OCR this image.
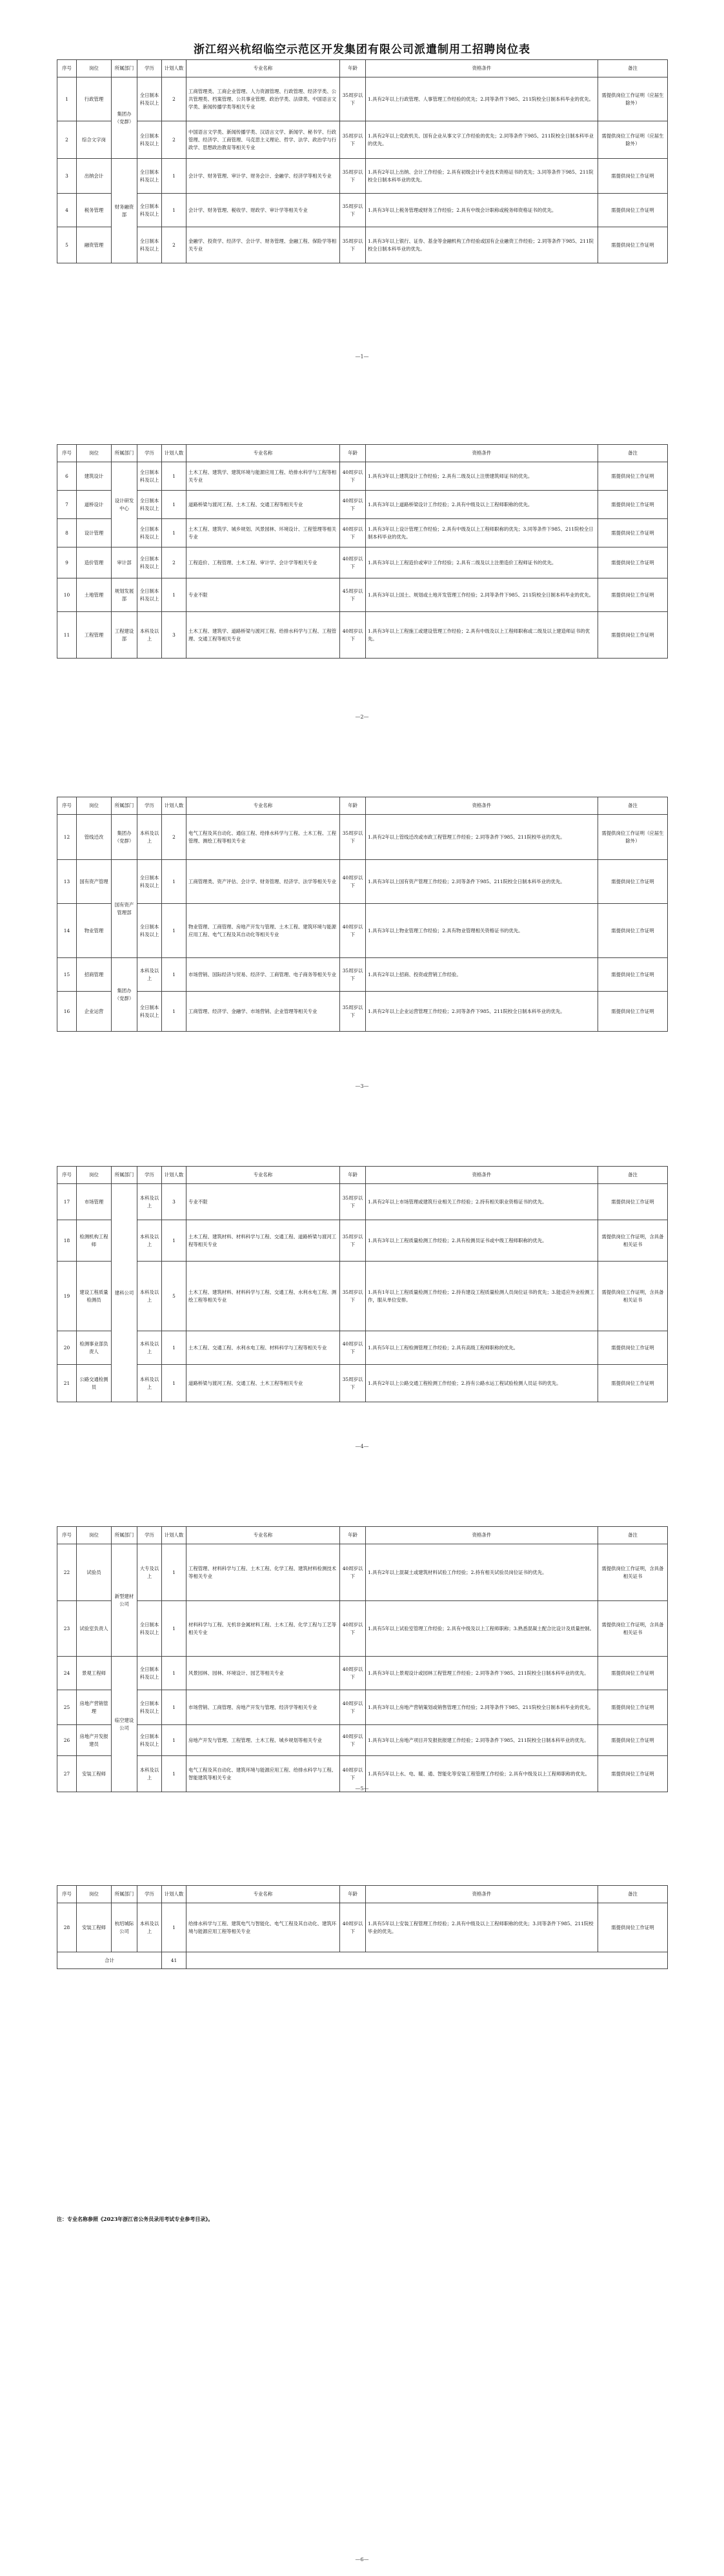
浙江绍兴杭绍临空示范区开发集团有限公司派遣制用工招聘岗位表
序号	岗位	所属部门	学历	计划人数	专业名称	年龄	资格条件	备注
1	行政管理	集团办（党群）	全日制本科及以上	2	工商管理类、工商企业管理、人力资源管理、行政管理、经济学类、公共管理类、档案管理、公共事业管理、政治学类、法律类、中国语言文学类、新闻传播学类等相关专业	35周岁以下	1.具有2年以上行政管理、人事管理工作经验的优先；2.同等条件下985、211院校全日制本科毕业的优先。	需提供岗位工作证明（应届生除外）
2	综合文字岗		全日制本科及以上	2	中国语言文学类、新闻传播学类、汉语言文学、新闻学、秘书学、行政管理、经济学、工商管理、马克思主义理论、哲学、法学、政治学与行政学、思想政治教育等相关专业	35周岁以下	1.具有2年以上党政机关、国有企业从事文字工作经验的优先；2.同等条件下985、211院校全日制本科毕业的优先。	需提供岗位工作证明（应届生除外）
3	出纳会计	财务融资部	全日制本科及以上	1	会计学、财务管理、审计学、财务会计、金融学、经济学等相关专业	35周岁以下	1.具有2年以上出纳、会计工作经验；2.具有初级会计专业技术资格证书的优先；3.同等条件下985、211院校全日制本科毕业的优先。	需提供岗位工作证明
4	税务管理		全日制本科及以上	1	会计学、财务管理、税收学、财政学、审计学等相关专业	35周岁以下	1.具有3年以上税务管理或财务工作经验；2.具有中级会计职称或税务师资格证书的优先。	需提供岗位工作证明
5	融资管理		全日制本科及以上	2	金融学、投资学、经济学、会计学、财务管理、金融工程、保险学等相关专业	35周岁以下	1.具有3年以上银行、证券、基金等金融机构工作经验或国有企业融资工作经验；2.同等条件下985、211院校全日制本科毕业的优先。	需提供岗位工作证明
—1—
序号	岗位	所属部门	学历	计划人数	专业名称	年龄	资格条件	备注
6	建筑设计	设计研发中心	全日制本科及以上	1	土木工程、建筑学、建筑环境与能源应用工程、给排水科学与工程等相关专业	40周岁以下	1.具有3年以上建筑设计工作经验；2.具有二级及以上注册建筑师证书的优先。	需提供岗位工作证明
7	道桥设计		全日制本科及以上	1	道路桥梁与渡河工程、土木工程、交通工程等相关专业	40周岁以下	1.具有3年以上道路桥梁设计工作经验；2.具有中级及以上工程师职称的优先。	需提供岗位工作证明
8	设计管理		全日制本科及以上	1	土木工程、建筑学、城乡规划、风景园林、环境设计、工程管理等相关专业	40周岁以下	1.具有3年以上设计管理工作经验；2.具有中级及以上工程师职称的优先；3.同等条件下985、211院校全日制本科毕业的优先。	需提供岗位工作证明
9	造价管理	审计部	全日制本科及以上	2	工程造价、工程管理、土木工程、审计学、会计学等相关专业	40周岁以下	1.具有3年以上工程造价或审计工作经验；2.具有二级及以上注册造价工程师证书的优先。	需提供岗位工作证明
10	土地管理	规划发展部	全日制本科及以上	1	专业不限	45周岁以下	1.具有3年以上国土、规划或土地开发管理工作经验；2.同等条件下985、211院校全日制本科毕业的优先。	需提供岗位工作证明
11	工程管理	工程建设部	本科及以上	3	土木工程、建筑学、道路桥梁与渡河工程、给排水科学与工程、工程管理、交通工程等相关专业	40周岁以下	1.具有3年以上工程施工或建设管理工作经验；2.具有中级及以上工程师职称或二级及以上建造师证书的优先。	需提供岗位工作证明
—2—
序号	岗位	所属部门	学历	计划人数	专业名称	年龄	资格条件	备注
12	管线迁改	集团办（党群）	本科及以上	2	电气工程及其自动化、通信工程、给排水科学与工程、土木工程、工程管理、测绘工程等相关专业	35周岁以下	1.具有2年以上管线迁改或市政工程管理工作经验；2.同等条件下985、211院校毕业的优先。	需提供岗位工作证明（应届生除外）
13	国有资产管理	国有资产管理部	全日制本科及以上	1	工商管理类、资产评估、会计学、财务管理、经济学、法学等相关专业	40周岁以下	1.具有3年以上国有资产管理工作经验；2.同等条件下985、211院校全日制本科毕业的优先。	需提供岗位工作证明
14	物业管理		全日制本科及以上	1	物业管理、工商管理、房地产开发与管理、土木工程、建筑环境与能源应用工程、电气工程及其自动化等相关专业	40周岁以下	1.具有3年以上物业管理工作经验；2.具有物业管理相关资格证书的优先。	需提供岗位工作证明
15	招商管理	集团办（党群）	本科及以上	1	市场营销、国际经济与贸易、经济学、工商管理、电子商务等相关专业	35周岁以下	1.具有2年以上招商、投资或营销工作经验。	需提供岗位工作证明
16	企业运营		全日制本科及以上	1	工商管理、经济学、金融学、市场营销、企业管理等相关专业	35周岁以下	1.具有2年以上企业运营管理工作经验；2.同等条件下985、211院校全日制本科毕业的优先。	需提供岗位工作证明
—3—
序号	岗位	所属部门	学历	计划人数	专业名称	年龄	资格条件	备注
17	市场管理	建科公司	本科及以上	3	专业不限	35周岁以下	1.具有2年以上市场管理或建筑行业相关工作经验；2.持有相关职业资格证书的优先。	需提供岗位工作证明
18	检测机构工程师		本科及以上	1	土木工程、建筑材料、材料科学与工程、交通工程、道路桥梁与渡河工程等相关专业	35周岁以下	1.具有3年以上工程质量检测工作经验；2.具有检测员证书或中级工程师职称的优先。	需提供岗位工作证明，含具备相关证书
19	建设工程质量检测员		本科及以上	5	土木工程、建筑材料、材料科学与工程、交通工程、水利水电工程、测绘工程等相关专业	35周岁以下	1.具有1年以上工程质量检测工作经验；2.持有建设工程质量检测人员岗位证书的优先；3.能适应外业检测工作，服从单位安排。	需提供岗位工作证明，含具备相关证书
20	检测事业部负责人		本科及以上	1	土木工程、交通工程、水利水电工程、材料科学与工程等相关专业	40周岁以下	1.具有5年以上工程检测管理工作经验；2.具有高级工程师职称的优先。	需提供岗位工作证明
21	公路交通检测员		本科及以上	1	道路桥梁与渡河工程、交通工程、土木工程等相关专业	35周岁以下	1.具有2年以上公路交通工程检测工作经验；2.持有公路水运工程试验检测人员证书的优先。	需提供岗位工作证明
—4—
序号	岗位	所属部门	学历	计划人数	专业名称	年龄	资格条件	备注
22	试验员	新型建材公司	大专及以上	1	工程管理、材料科学与工程、土木工程、化学工程、建筑材料检测技术等相关专业	40周岁以下	1.具有2年以上混凝土或建筑材料试验工作经验；2.持有相关试验员岗位证书的优先。	需提供岗位工作证明，含具备相关证书
23	试验室负责人		全日制本科及以上	1	材料科学与工程、无机非金属材料工程、土木工程、化学工程与工艺等相关专业	40周岁以下	1.具有5年以上试验室管理工作经验；2.具有中级及以上工程师职称；3.熟悉混凝土配合比设计及质量控制。	需提供岗位工作证明，含具备相关证书
24	景观工程师	临空建设公司	全日制本科及以上	1	风景园林、园林、环境设计、园艺等相关专业	40周岁以下	1.具有3年以上景观设计或园林工程管理工作经验；2.同等条件下985、211院校全日制本科毕业的优先。	需提供岗位工作证明
25	房地产营销管理		全日制本科及以上	1	市场营销、工商管理、房地产开发与管理、经济学等相关专业	40周岁以下	1.具有3年以上房地产营销策划或销售管理工作经验；2.同等条件下985、211院校全日制本科毕业的优先。	需提供岗位工作证明
26	房地产开发报建员		全日制本科及以上	1	房地产开发与管理、工程管理、土木工程、城乡规划等相关专业	40周岁以下	1.具有3年以上房地产项目开发报批报建工作经验；2.同等条件下985、211院校全日制本科毕业的优先。	需提供岗位工作证明
27	安装工程师		本科及以上	1	电气工程及其自动化、建筑环境与能源应用工程、给排水科学与工程、智能建筑等相关专业	40周岁以下	1.具有5年以上水、电、暖、通、智能化等安装工程管理工作经验；2.具有中级及以上工程师职称的优先。	需提供岗位工作证明
—5—
序号	岗位	所属部门	学历	计划人数	专业名称	年龄	资格条件	备注
28	安装工程师	杭绍城际公司	本科及以上	1	给排水科学与工程、建筑电气与智能化、电气工程及其自动化、建筑环境与能源应用工程等相关专业	40周岁以下	1.具有5年以上安装工程管理工作经验；2.具有中级及以上工程师职称的优先；3.同等条件下985、211院校毕业的优先。	需提供岗位工作证明
合计				41				
—6—
注：专业名称参照《2023年浙江省公务员录用考试专业参考目录》。
